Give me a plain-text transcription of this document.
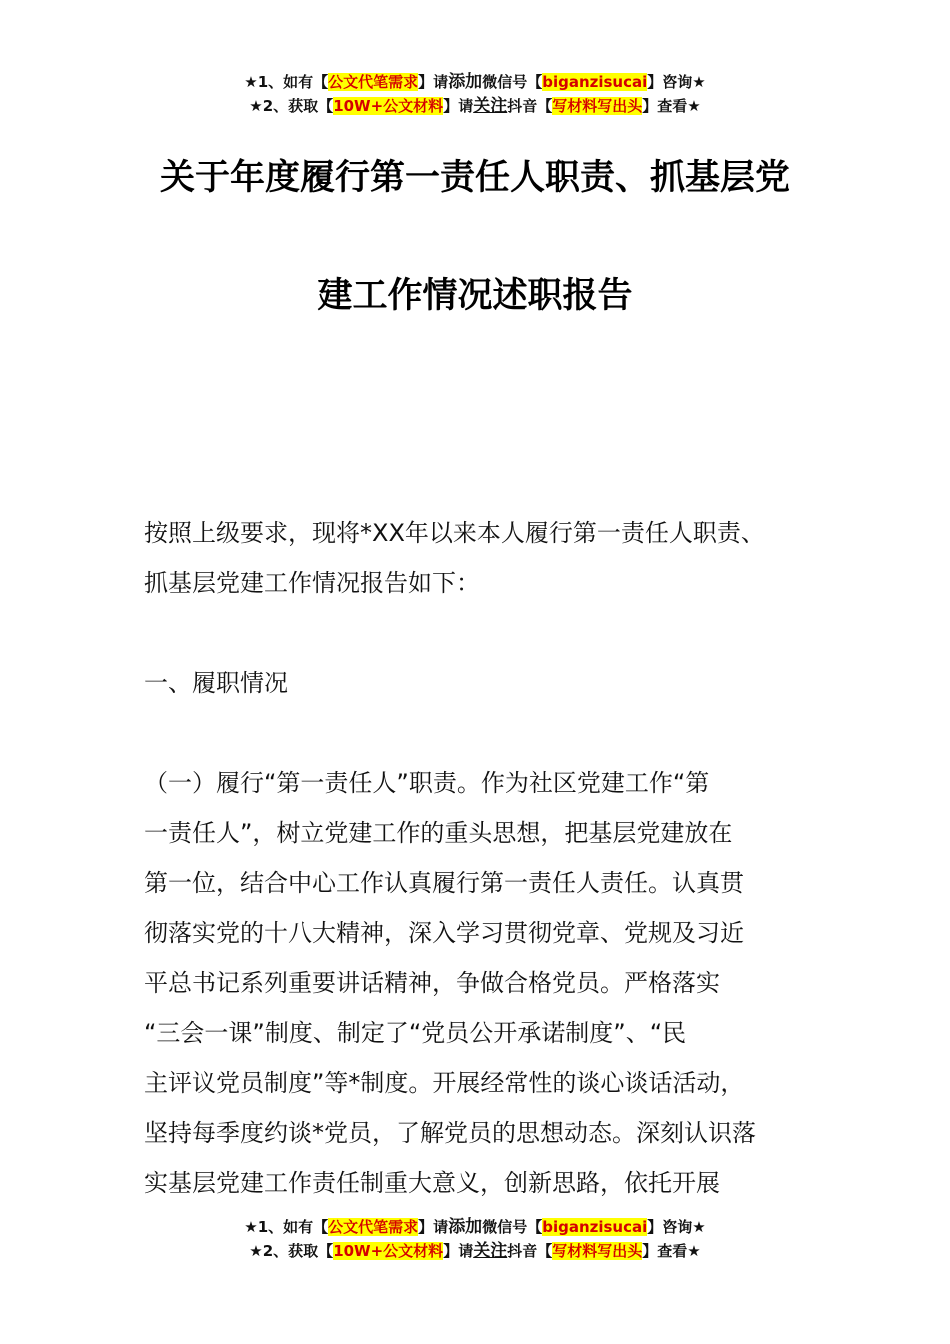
★1、如有【公文代笔需求】请添加微信号【biganzisucai】咨询★
★2、获取【10W+公文材料】请关注抖音【写材料写出头】查看★
关于年度履行第一责任人职责、抓基层党
建工作情况述职报告
按照上级要求，现将*XX年以来本人履行第一责任人职责、
抓基层党建工作情况报告如下：
一、履职情况
（一）履行“第一责任人”职责。作为社区党建工作“第
一责任人”，树立党建工作的重头思想，把基层党建放在
第一位，结合中心工作认真履行第一责任人责任。认真贯
彻落实党的十八大精神，深入学习贯彻党章、党规及习近
平总书记系列重要讲话精神，争做合格党员。严格落实
“三会一课”制度、制定了“党员公开承诺制度”、“民
主评议党员制度”等*制度。开展经常性的谈心谈话活动，
坚持每季度约谈*党员，了解党员的思想动态。深刻认识落
实基层党建工作责任制重大意义，创新思路，依托开展
★1、如有【公文代笔需求】请添加微信号【biganzisucai】咨询★
★2、获取【10W+公文材料】请关注抖音【写材料写出头】查看★
